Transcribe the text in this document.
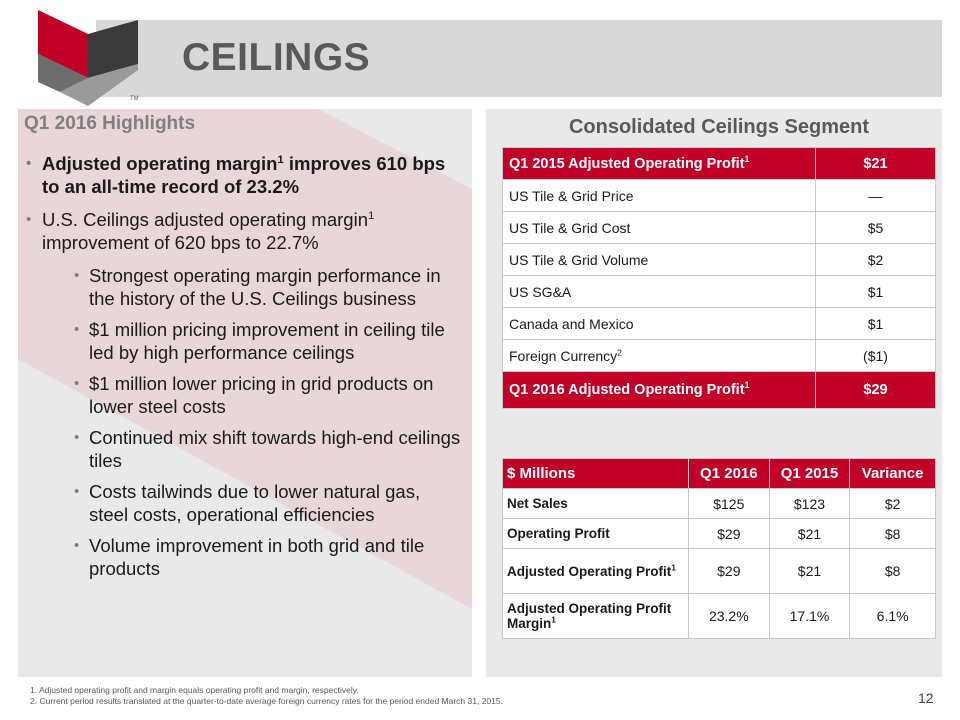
TM
CEILINGS
Q1 2016 Highlights
• Adjusted operating margin$^1$ improves 610 bps to an all-time record of 23.2%
• U.S. Ceilings adjusted operating margin$^1$ improvement of 620 bps to 22.7%
• Strongest operating margin performance in the history of the U.S. Ceilings business
• $1 million pricing improvement in ceiling tile led by high performance ceilings
• $1 million lower pricing in grid products on lower steel costs
• Continued mix shift towards high-end ceilings tiles
• Costs tailwinds due to lower natural gas, steel costs, operational efficiencies
• Volume improvement in both grid and tile products
Consolidated Ceilings Segment
Q1 2015 Adjusted Operating Profit$^1$	$21
US Tile & Grid Price	—
US Tile & Grid Cost	$5
US Tile & Grid Volume	$2
US SG&A	$1
Canada and Mexico	$1
Foreign Currency$^2$	($1)
Q1 2016 Adjusted Operating Profit$^1$	$29
$ Millions	Q1 2016	Q1 2015	Variance
Net Sales	$125	$123	$2
Operating Profit	$29	$21	$8
Adjusted Operating Profit$^1$	$29	$21	$8
Adjusted Operating Profit Margin$^1$	23.2%	17.1%	6.1%
1. Adjusted operating profit and margin equals operating profit and margin, respectively.
2. Current period results translated at the quarter-to-date average foreign currency rates for the period ended March 31, 2015.	12
